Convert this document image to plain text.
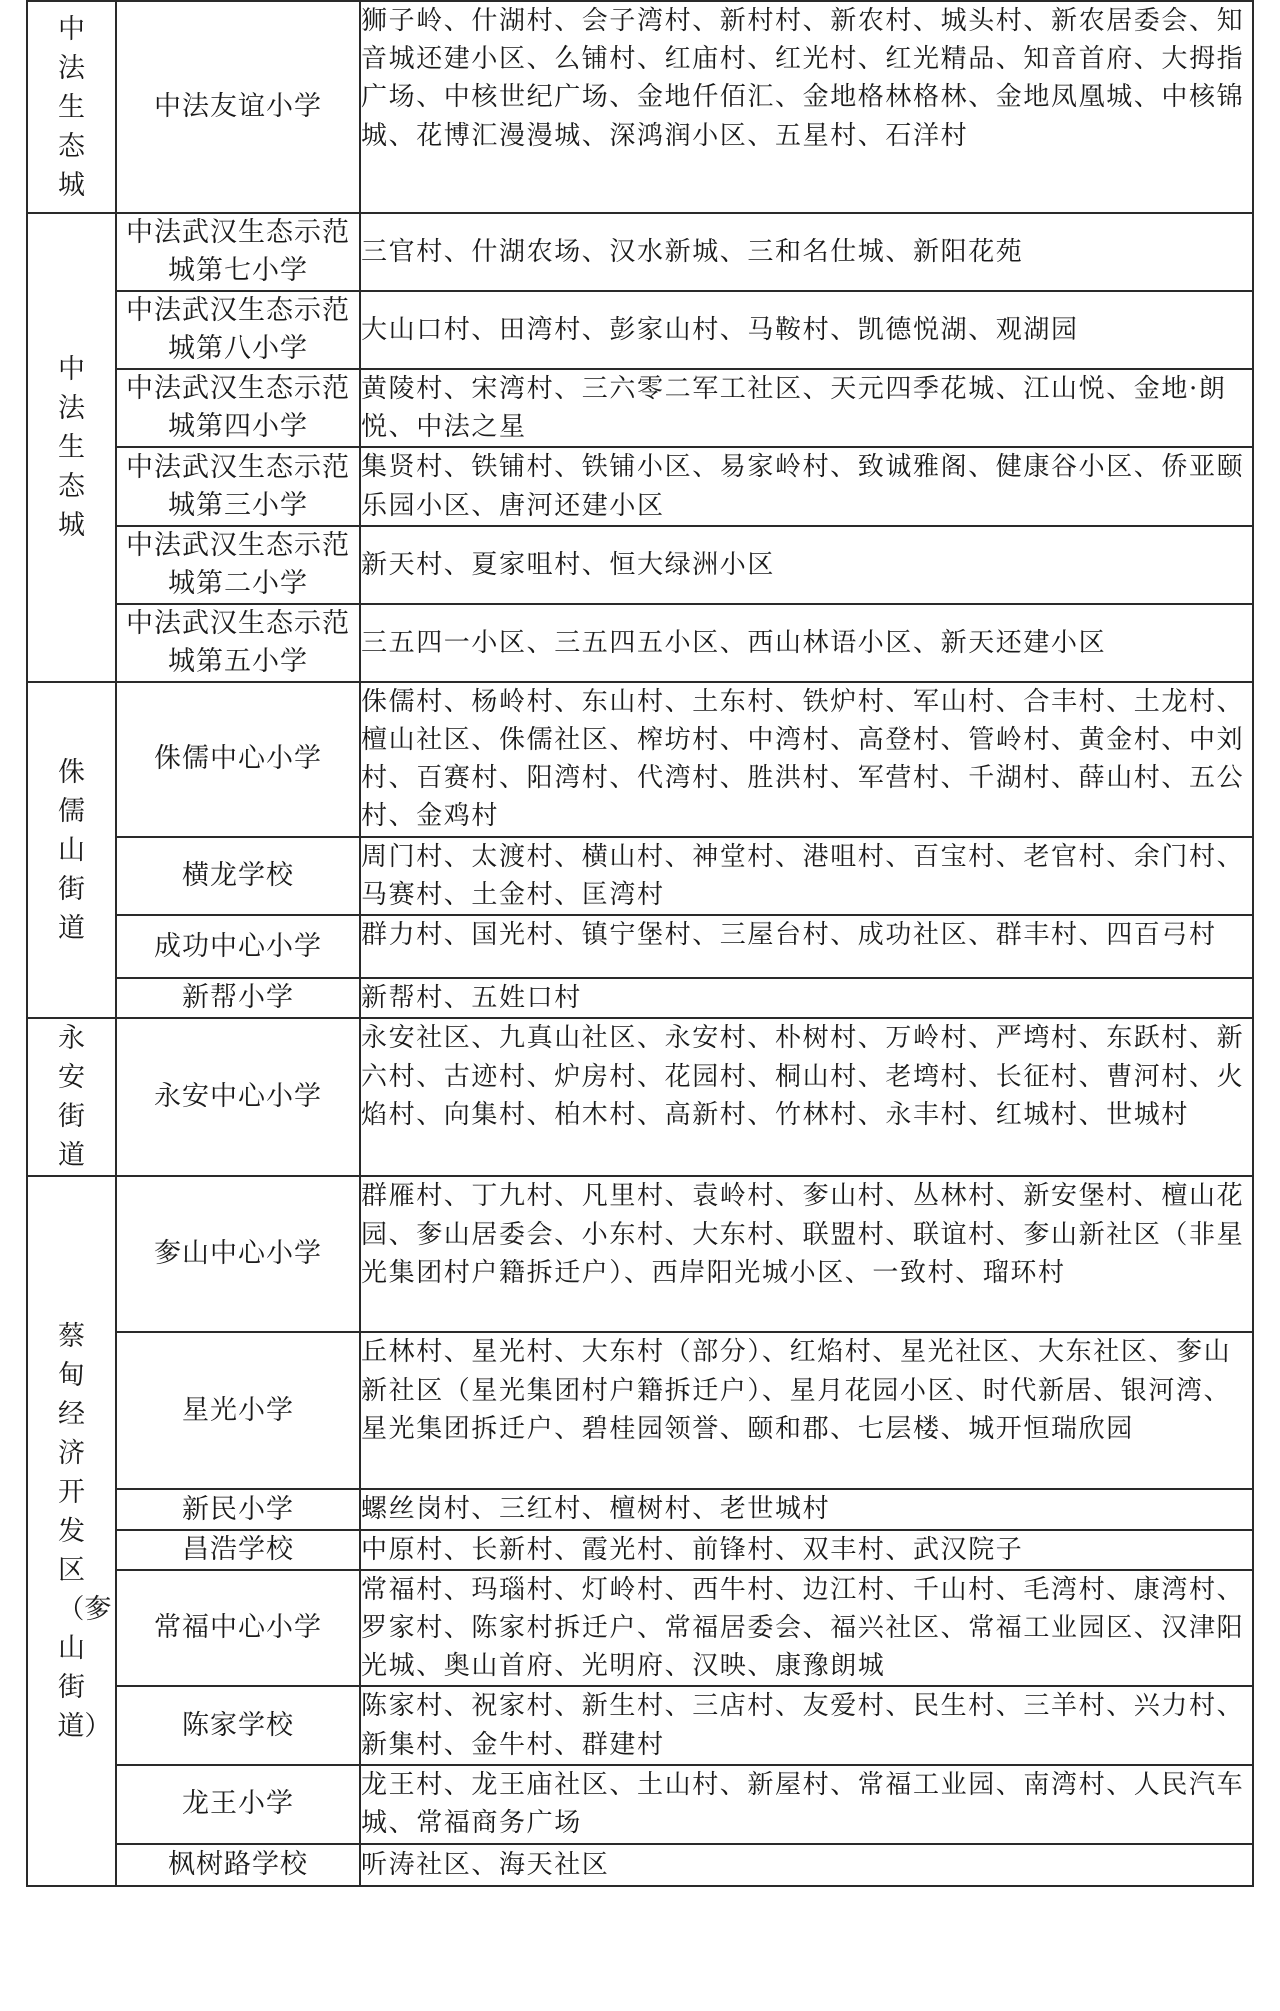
中法生态城	中法友谊小学	狮子岭、什湖村、会子湾村、新村村、新农村、城头村、新农居委会、知音城还建小区、么铺村、红庙村、红光村、红光精品、知音首府、大拇指广场、中核世纪广场、金地仟佰汇、金地格林格林、金地凤凰城、中核锦城、花博汇漫漫城、深鸿润小区、五星村、石洋村
中法生态城	中法武汉生态示范城第七小学	三官村、什湖农场、汉水新城、三和名仕城、新阳花苑
	中法武汉生态示范城第八小学	大山口村、田湾村、彭家山村、马鞍村、凯德悦湖、观湖园
	中法武汉生态示范城第四小学	黄陵村、宋湾村、三六零二军工社区、天元四季花城、江山悦、金地·朗悦、中法之星
	中法武汉生态示范城第三小学	集贤村、铁铺村、铁铺小区、易家岭村、致诚雅阁、健康谷小区、侨亚颐乐园小区、唐河还建小区
	中法武汉生态示范城第二小学	新天村、夏家咀村、恒大绿洲小区
	中法武汉生态示范城第五小学	三五四一小区、三五四五小区、西山林语小区、新天还建小区
侏儒山街道	侏儒中心小学	侏儒村、杨岭村、东山村、土东村、铁炉村、军山村、合丰村、土龙村、檀山社区、侏儒社区、榨坊村、中湾村、高登村、管岭村、黄金村、中刘村、百赛村、阳湾村、代湾村、胜洪村、军营村、千湖村、薛山村、五公村、金鸡村
	横龙学校	周门村、太渡村、横山村、神堂村、港咀村、百宝村、老官村、余门村、马赛村、土金村、匡湾村
	成功中心小学	群力村、国光村、镇宁堡村、三屋台村、成功社区、群丰村、四百弓村
	新帮小学	新帮村、五姓口村
永安街道	永安中心小学	永安社区、九真山社区、永安村、朴树村、万岭村、严塆村、东跃村、新六村、古迹村、炉房村、花园村、桐山村、老塆村、长征村、曹河村、火焰村、向集村、柏木村、高新村、竹林村、永丰村、红城村、世城村
蔡甸经济开发区（奓山街道）	奓山中心小学	群雁村、丁九村、凡里村、袁岭村、奓山村、丛林村、新安堡村、檀山花园、奓山居委会、小东村、大东村、联盟村、联谊村、奓山新社区（非星光集团村户籍拆迁户）、西岸阳光城小区、一致村、瑠环村
	星光小学	丘林村、星光村、大东村（部分）、红焰村、星光社区、大东社区、奓山新社区（星光集团村户籍拆迁户）、星月花园小区、时代新居、银河湾、星光集团拆迁户、碧桂园领誉、颐和郡、七层楼、城开恒瑞欣园
	新民小学	螺丝岗村、三红村、檀树村、老世城村
	昌浩学校	中原村、长新村、霞光村、前锋村、双丰村、武汉院子
	常福中心小学	常福村、玛瑙村、灯岭村、西牛村、边江村、千山村、毛湾村、康湾村、罗家村、陈家村拆迁户、常福居委会、福兴社区、常福工业园区、汉津阳光城、奥山首府、光明府、汉映、康豫朗城
	陈家学校	陈家村、祝家村、新生村、三店村、友爱村、民生村、三羊村、兴力村、新集村、金牛村、群建村
	龙王小学	龙王村、龙王庙社区、土山村、新屋村、常福工业园、南湾村、人民汽车城、常福商务广场
	枫树路学校	听涛社区、海天社区
